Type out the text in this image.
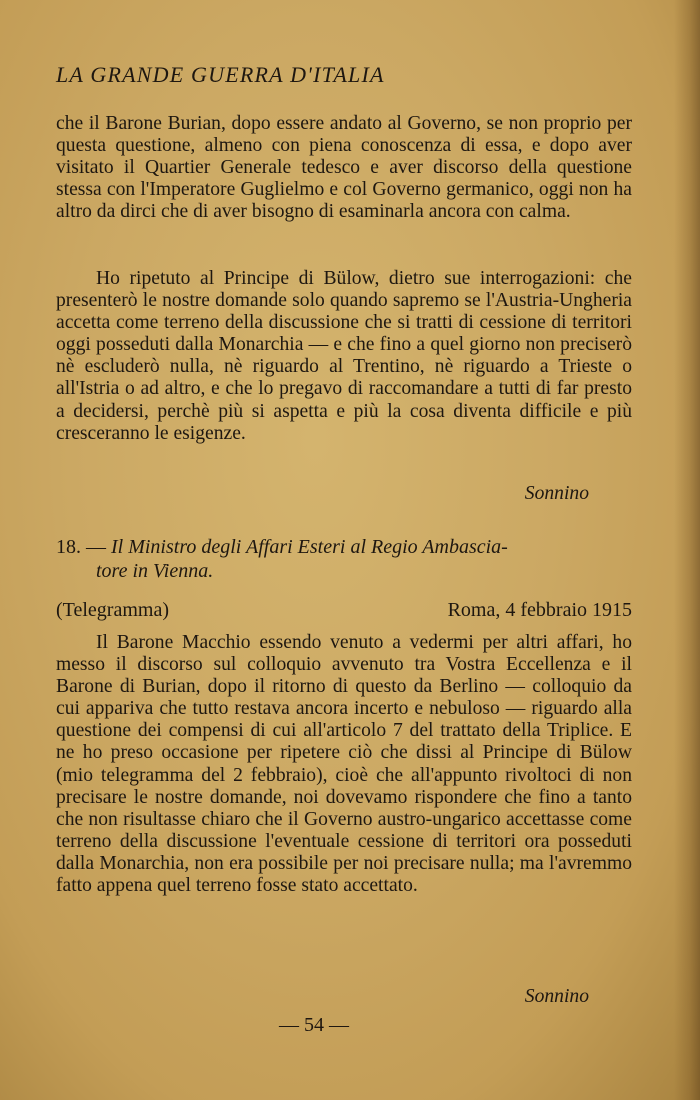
LA GRANDE GUERRA D'ITALIA

che il Barone Burian, dopo essere andato al Governo, se non proprio per questa questione, almeno con piena conoscenza di essa, e dopo aver visitato il Quartier Generale tedesco e aver discorso della questione stessa con l'Imperatore Guglielmo e col Governo germanico, oggi non ha altro da dirci che di aver bisogno di esaminarla ancora con calma.

Ho ripetuto al Principe di Bülow, dietro sue interrogazioni: che presenterò le nostre domande solo quando sapremo se l'Austria-Ungheria accetta come terreno della discussione che si tratti di cessione di territori oggi posseduti dalla Monarchia — e che fino a quel giorno non preciserò nè escluderò nulla, nè riguardo al Trentino, nè riguardo a Trieste o all'Istria o ad altro, e che lo pregavo di raccomandare a tutti di far presto a decidersi, perchè più si aspetta e più la cosa diventa difficile e più cresceranno le esigenze.

Sonnino
18. — Il Ministro degli Affari Esteri al Regio Ambascia-
tore in Vienna.
(Telegramma)	Roma, 4 febbraio 1915

Il Barone Macchio essendo venuto a vedermi per altri affari, ho messo il discorso sul colloquio avvenuto tra Vostra Eccellenza e il Barone di Burian, dopo il ritorno di questo da Berlino — colloquio da cui appariva che tutto restava ancora incerto e nebuloso — riguardo alla questione dei compensi di cui all'articolo 7 del trattato della Triplice. E ne ho preso occasione per ripetere ciò che dissi al Principe di Bülow (mio telegramma del 2 febbraio), cioè che all'appunto rivoltoci di non precisare le nostre domande, noi dovevamo rispondere che fino a tanto che non risultasse chiaro che il Governo austro-ungarico accettasse come terreno della discussione l'eventuale cessione di territori ora posseduti dalla Monarchia, non era possibile per noi precisare nulla; ma l'avremmo fatto appena quel terreno fosse stato accettato.

Sonnino
— 54 —
